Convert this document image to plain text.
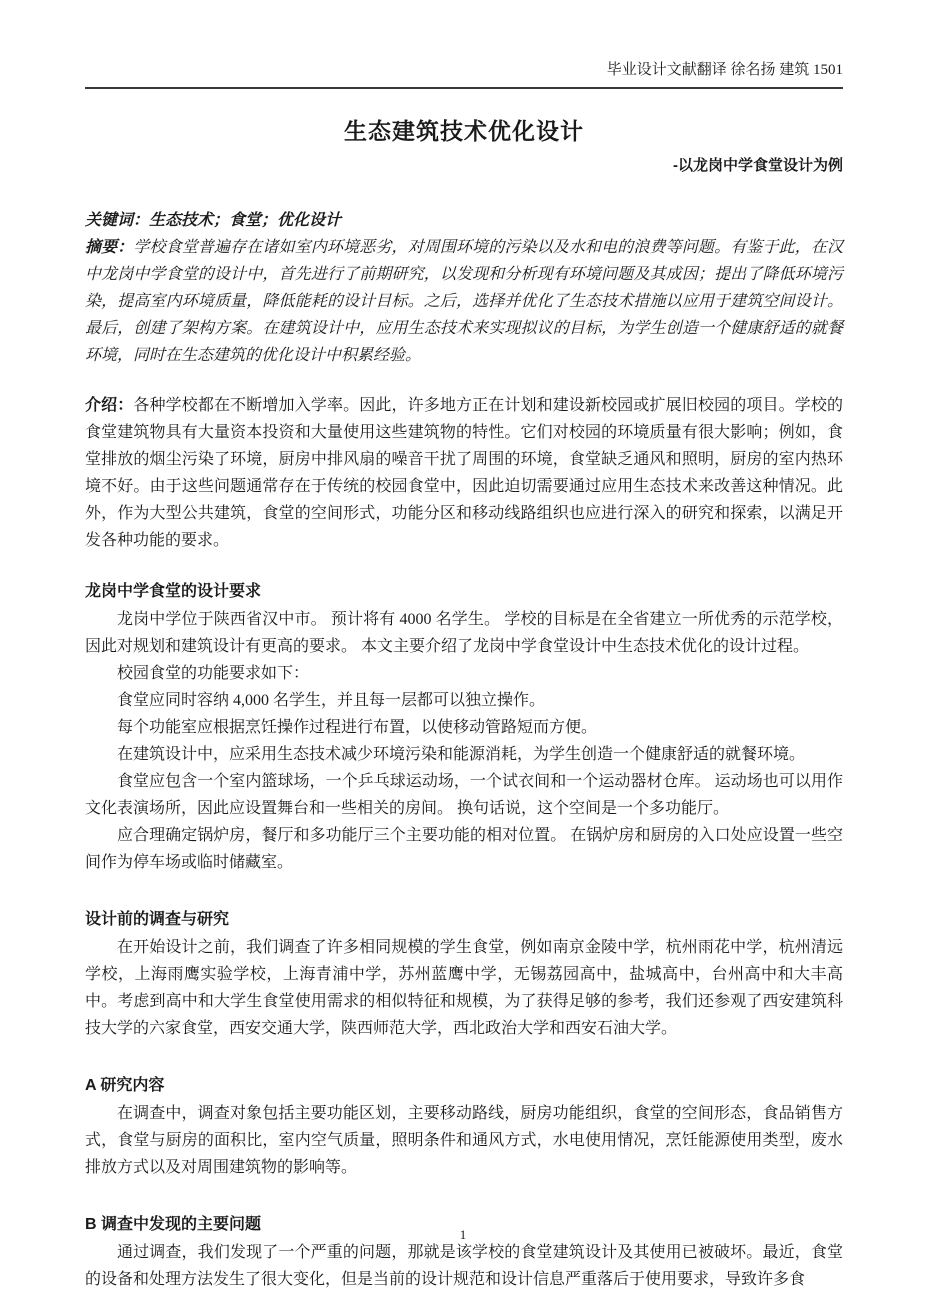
毕业设计文献翻译 徐名扬 建筑 1501
生态建筑技术优化设计
-以龙岗中学食堂设计为例

关键词：生态技术；食堂；优化设计

摘要：学校食堂普遍存在诸如室内环境恶劣，对周围环境的污染以及水和电的浪费等问题。有鉴于此，在汉中龙岗中学食堂的设计中，首先进行了前期研究，以发现和分析现有环境问题及其成因；提出了降低环境污染，提高室内环境质量，降低能耗的设计目标。之后，选择并优化了生态技术措施以应用于建筑空间设计。最后，创建了架构方案。在建筑设计中，应用生态技术来实现拟议的目标，为学生创造一个健康舒适的就餐环境，同时在生态建筑的优化设计中积累经验。

介绍：各种学校都在不断增加入学率。因此，许多地方正在计划和建设新校园或扩展旧校园的项目。学校的食堂建筑物具有大量资本投资和大量使用这些建筑物的特性。它们对校园的环境质量有很大影响；例如，食堂排放的烟尘污染了环境，厨房中排风扇的噪音干扰了周围的环境，食堂缺乏通风和照明，厨房的室内热环境不好。由于这些问题通常存在于传统的校园食堂中，因此迫切需要通过应用生态技术来改善这种情况。此外，作为大型公共建筑，食堂的空间形式，功能分区和移动线路组织也应进行深入的研究和探索，以满足开发各种功能的要求。

龙岗中学食堂的设计要求

龙岗中学位于陕西省汉中市。 预计将有 4000 名学生。 学校的目标是在全省建立一所优秀的示范学校，因此对规划和建筑设计有更高的要求。 本文主要介绍了龙岗中学食堂设计中生态技术优化的设计过程。

校园食堂的功能要求如下：

食堂应同时容纳 4,000 名学生，并且每一层都可以独立操作。

每个功能室应根据烹饪操作过程进行布置，以使移动管路短而方便。

在建筑设计中，应采用生态技术减少环境污染和能源消耗，为学生创造一个健康舒适的就餐环境。

食堂应包含一个室内篮球场，一个乒乓球运动场，一个试衣间和一个运动器材仓库。 运动场也可以用作文化表演场所，因此应设置舞台和一些相关的房间。 换句话说，这个空间是一个多功能厅。

应合理确定锅炉房，餐厅和多功能厅三个主要功能的相对位置。 在锅炉房和厨房的入口处应设置一些空间作为停车场或临时储藏室。

设计前的调查与研究

在开始设计之前，我们调查了许多相同规模的学生食堂，例如南京金陵中学，杭州雨花中学，杭州清远学校，上海雨鹰实验学校，上海青浦中学，苏州蓝鹰中学，无锡荔园高中，盐城高中，台州高中和大丰高中。考虑到高中和大学生食堂使用需求的相似特征和规模，为了获得足够的参考，我们还参观了西安建筑科技大学的六家食堂，西安交通大学，陕西师范大学，西北政治大学和西安石油大学。

A 研究内容

在调查中，调查对象包括主要功能区划，主要移动路线，厨房功能组织，食堂的空间形态，食品销售方式，食堂与厨房的面积比，室内空气质量，照明条件和通风方式，水电使用情况，烹饪能源使用类型，废水排放方式以及对周围建筑物的影响等。

B 调查中发现的主要问题

通过调查，我们发现了一个严重的问题，那就是该学校的食堂建筑设计及其使用已被破坏。最近，食堂的设备和处理方法发生了很大变化，但是当前的设计规范和设计信息严重落后于使用要求，导致许多食

1
